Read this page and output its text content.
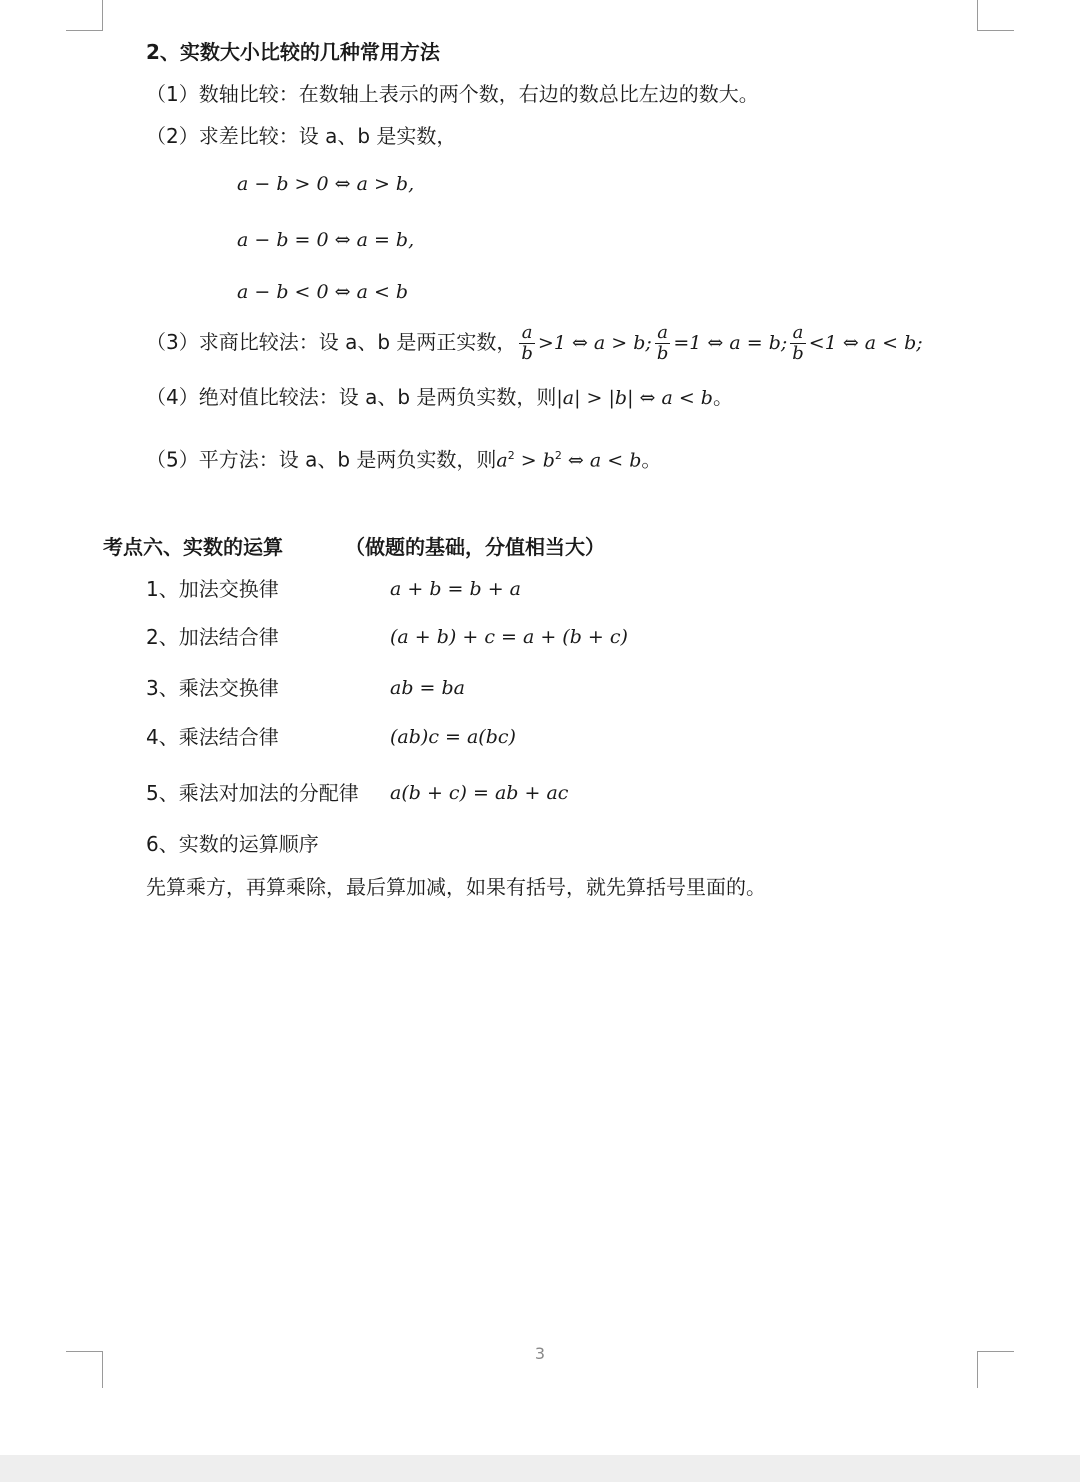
2、实数大小比较的几种常用方法
（1）数轴比较：在数轴上表示的两个数，右边的数总比左边的数大。
（2）求差比较：设 a、b 是实数，
a − b > 0 ⇔ a > b,
a − b = 0 ⇔ a = b,
a − b < 0 ⇔ a < b
（3）求商比较法：设 a、b 是两正实数， $\frac{a}{b} >1$ ⇔ a > b; $\frac{a}{b} =1$ ⇔ a = b; $\frac{a}{b} <1$ ⇔ a < b;
（4）绝对值比较法：设 a、b 是两负实数，则|a| > |b| ⇔ a < b。
（5）平方法：设 a、b 是两负实数，则$a^2 > b^2$ ⇔ a < b。
考点六、实数的运算	（做题的基础，分值相当大）
1、加法交换律	a + b = b + a
2、加法结合律	(a + b) + c = a + (b + c)
3、乘法交换律	ab = ba
4、乘法结合律	(ab)c = a(bc)
5、乘法对加法的分配律 a(b + c) = ab + ac
6、实数的运算顺序
先算乘方，再算乘除，最后算加减，如果有括号，就先算括号里面的。
3
